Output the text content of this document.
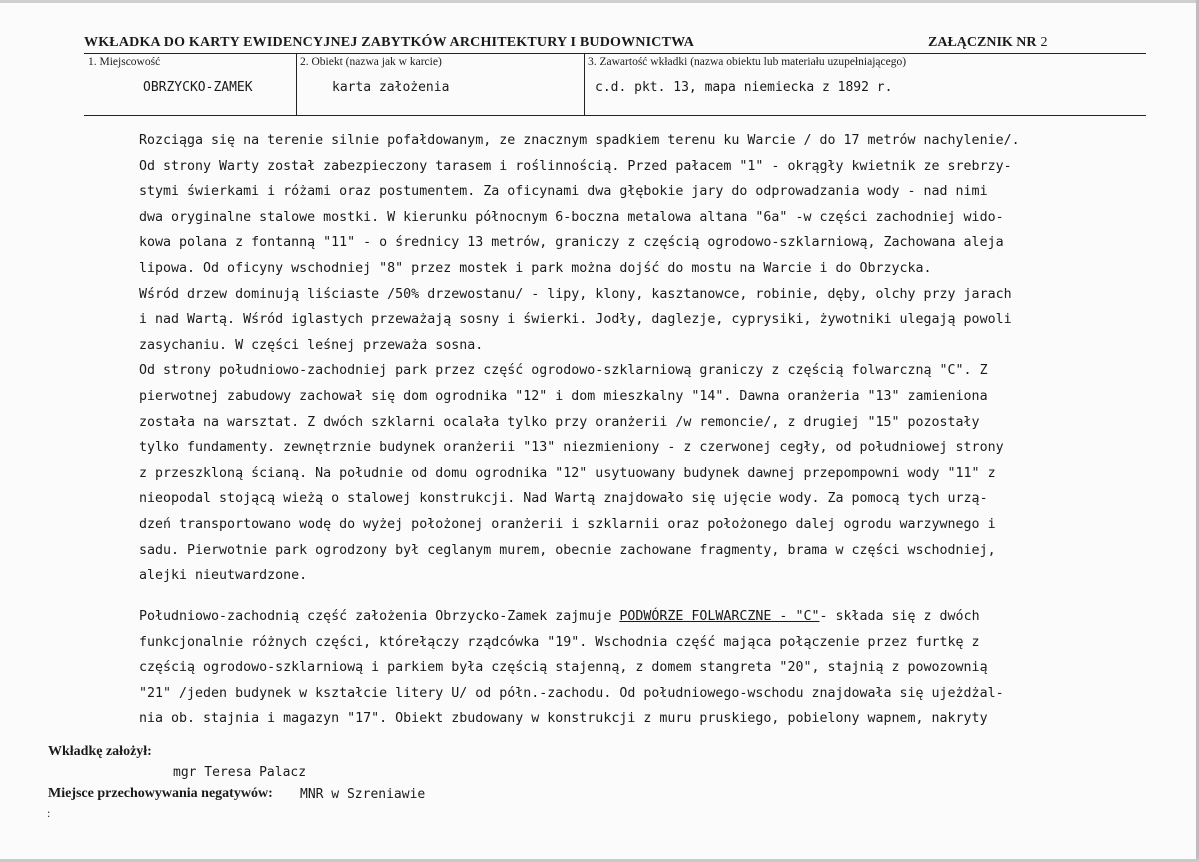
WKŁADKA DO KARTY EWIDENCYJNEJ ZABYTKÓW ARCHITEKTURY I BUDOWNICTWA	ZAŁĄCZNIK NR 2
1. Miejscowość	2. Obiekt (nazwa jak w karcie)	3. Zawartość wkładki (nazwa obiektu lub materiału uzupełniającego)
OBRZYCKO-ZAMEK	karta założenia	c.d. pkt. 13, mapa niemiecka z 1892 r.
Rozciąga się na terenie silnie pofałdowanym, ze znacznym spadkiem terenu ku Warcie / do 17 metrów nachylenie/.
Od strony Warty został zabezpieczony tarasem i roślinnością. Przed pałacem "1" - okrągły kwietnik ze srebrzy-
stymi świerkami i różami oraz postumentem. Za oficynami dwa głębokie jary do odprowadzania wody - nad nimi
dwa oryginalne stalowe mostki. W kierunku północnym 6-boczna metalowa altana "6a" -w części zachodniej wido-
kowa polana z fontanną "11" - o średnicy 13 metrów, graniczy z częścią ogrodowo-szklarniową, Zachowana aleja
lipowa. Od oficyny wschodniej "8" przez mostek i park można dojść do mostu na Warcie i do Obrzycka.
Wśród drzew dominują liściaste /50% drzewostanu/ - lipy, klony, kasztanowce, robinie, dęby, olchy przy jarach
i nad Wartą. Wśród iglastych przeważają sosny i świerki. Jodły, daglezje, cyprysiki, żywotniki ulegają powoli
zasychaniu. W części leśnej przeważa sosna.
Od strony południowo-zachodniej park przez część ogrodowo-szklarniową graniczy z częścią folwarczną "C". Z
pierwotnej zabudowy zachował się dom ogrodnika "12" i dom mieszkalny "14". Dawna oranżeria "13" zamieniona
została na warsztat. Z dwóch szklarni ocalała tylko przy oranżerii /w remoncie/, z drugiej "15" pozostały
tylko fundamenty. zewnętrznie budynek oranżerii "13" niezmieniony - z czerwonej cegły, od południowej strony
z przeszkloną ścianą. Na południe od domu ogrodnika "12" usytuowany budynek dawnej przepompowni wody "11" z
nieopodal stojącą wieżą o stalowej konstrukcji. Nad Wartą znajdowało się ujęcie wody. Za pomocą tych urzą-
dzeń transportowano wodę do wyżej położonej oranżerii i szklarnii oraz położonego dalej ogrodu warzywnego i
sadu. Pierwotnie park ogrodzony był ceglanym murem, obecnie zachowane fragmenty, brama w części wschodniej,
alejki nieutwardzone.
Południowo-zachodnią część założenia Obrzycko-Zamek zajmuje PODWÓRZE FOLWARCZNE - "C"- składa się z dwóch
funkcjonalnie różnych części, którełączy rządcówka "19". Wschodnia część mająca połączenie przez furtkę z
częścią ogrodowo-szklarniową i parkiem była częścią stajenną, z domem stangreta "20", stajnią z powozownią
"21" /jeden budynek w kształcie litery U/ od półn.-zachodu. Od południowego-wschodu znajdowała się ujeżdżal-
nia ob. stajnia i magazyn "17". Obiekt zbudowany w konstrukcji z muru pruskiego, pobielony wapnem, nakryty
Wkładkę założył:
mgr Teresa Palacz
Miejsce przechowywania negatywów: MNR w Szreniawie
:
